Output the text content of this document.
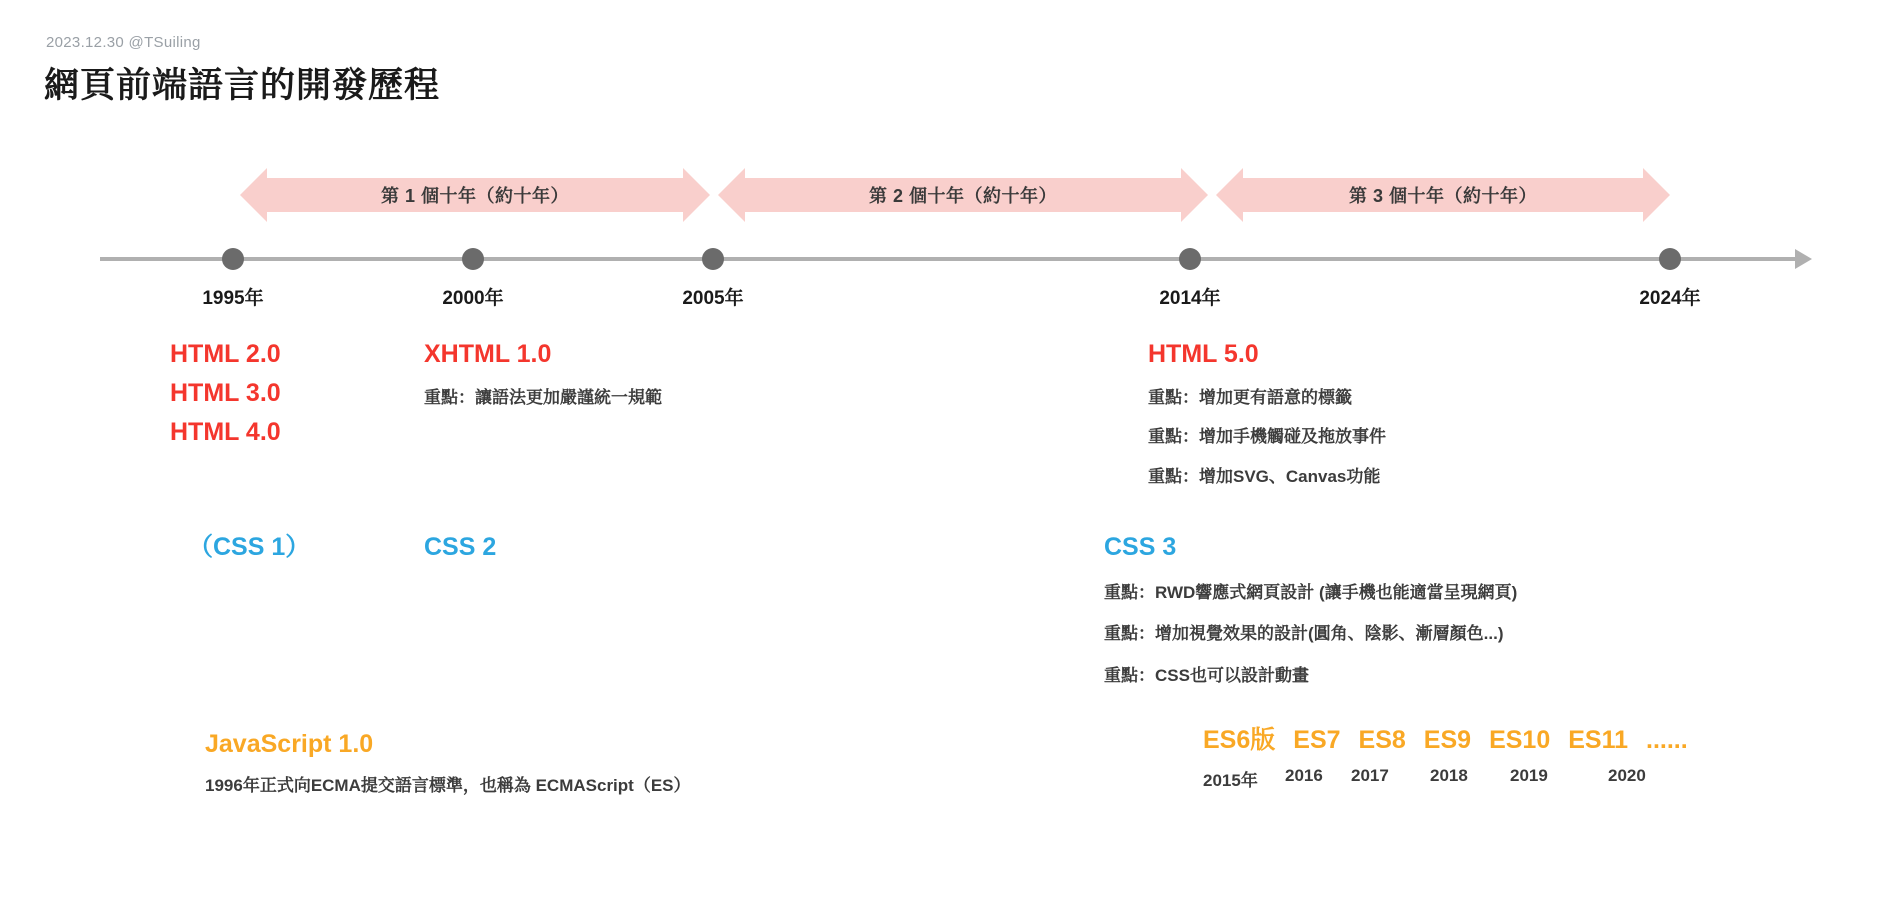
2023.12.30 @TSuiling
網頁前端語言的開發歷程
第 1 個十年（約十年）	第 2 個十年（約十年）	第 3 個十年（約十年）
1995年	2000年	2005年	2014年	2024年
HTML 2.0
HTML 3.0
HTML 4.0
XHTML 1.0
重點：讓語法更加嚴謹統一規範
HTML 5.0
重點：增加更有語意的標籤
重點：增加手機觸碰及拖放事件
重點：增加SVG、Canvas功能
（CSS 1）	CSS 2	CSS 3
重點：RWD響應式網頁設計 (讓手機也能適當呈現網頁)
重點：增加視覺效果的設計(圓角、陰影、漸層顏色...)
重點：CSS也可以設計動畫
JavaScript 1.0
1996年正式向ECMA提交語言標準，也稱為 ECMAScript（ES）
ES6版 ES7 ES8 ES9 ES10 ES11 ......
2015年	2016	2017	2018	2019	2020
